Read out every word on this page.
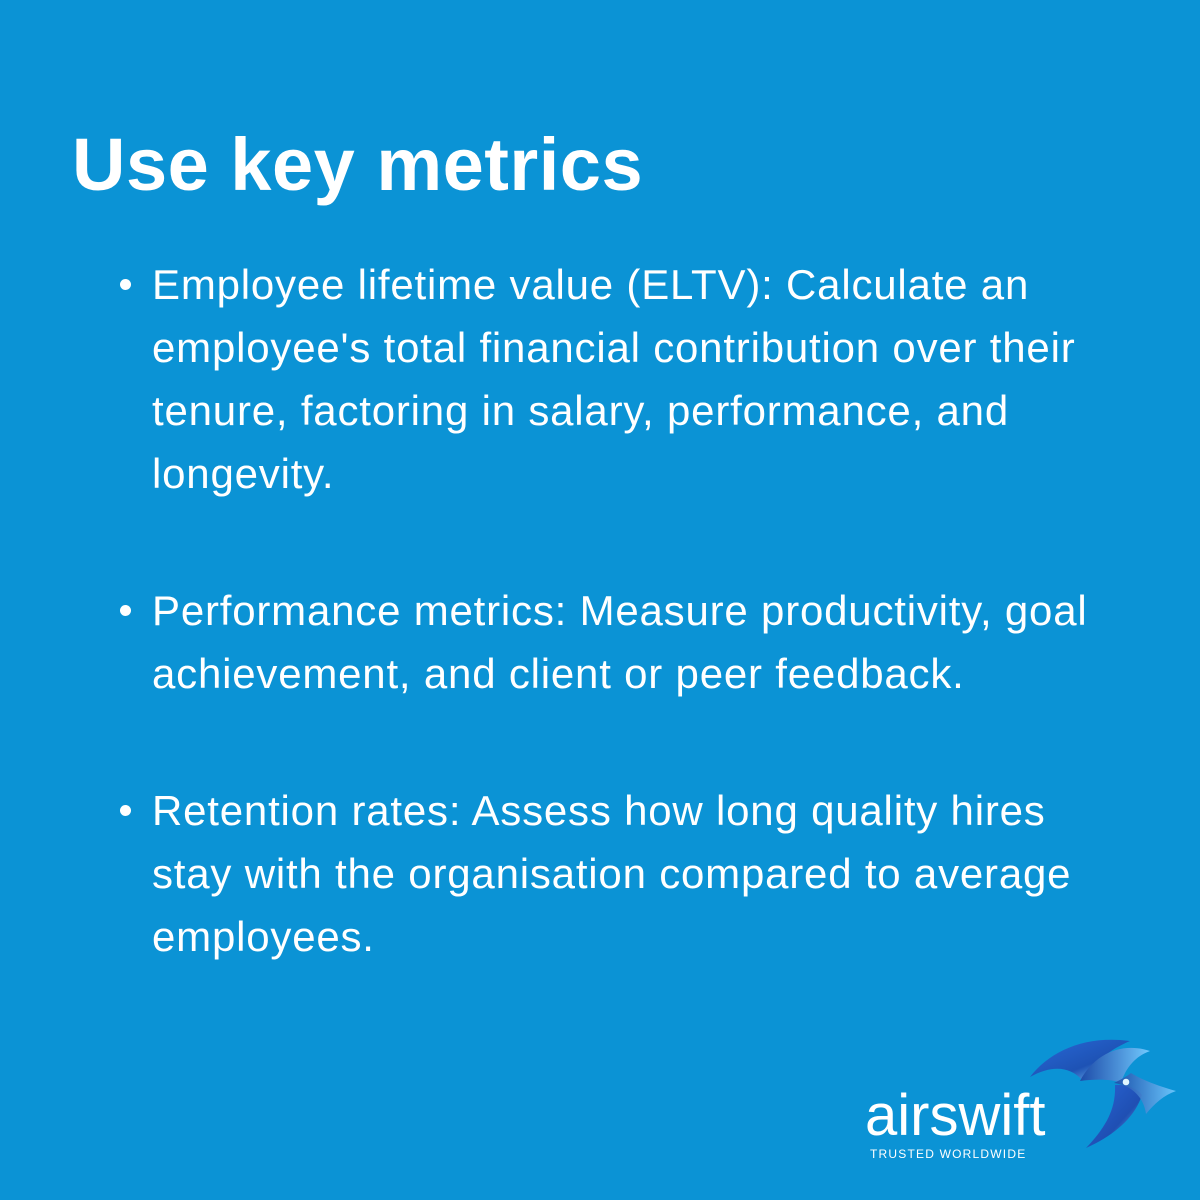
Use key metrics
Employee lifetime value (ELTV): Calculate an employee's total financial contribution over their tenure, factoring in salary, performance, and longevity.
Performance metrics: Measure productivity, goal achievement, and client or peer feedback.
Retention rates: Assess how long quality hires stay with the organisation compared to average employees.
airswift
TRUSTED WORLDWIDE
